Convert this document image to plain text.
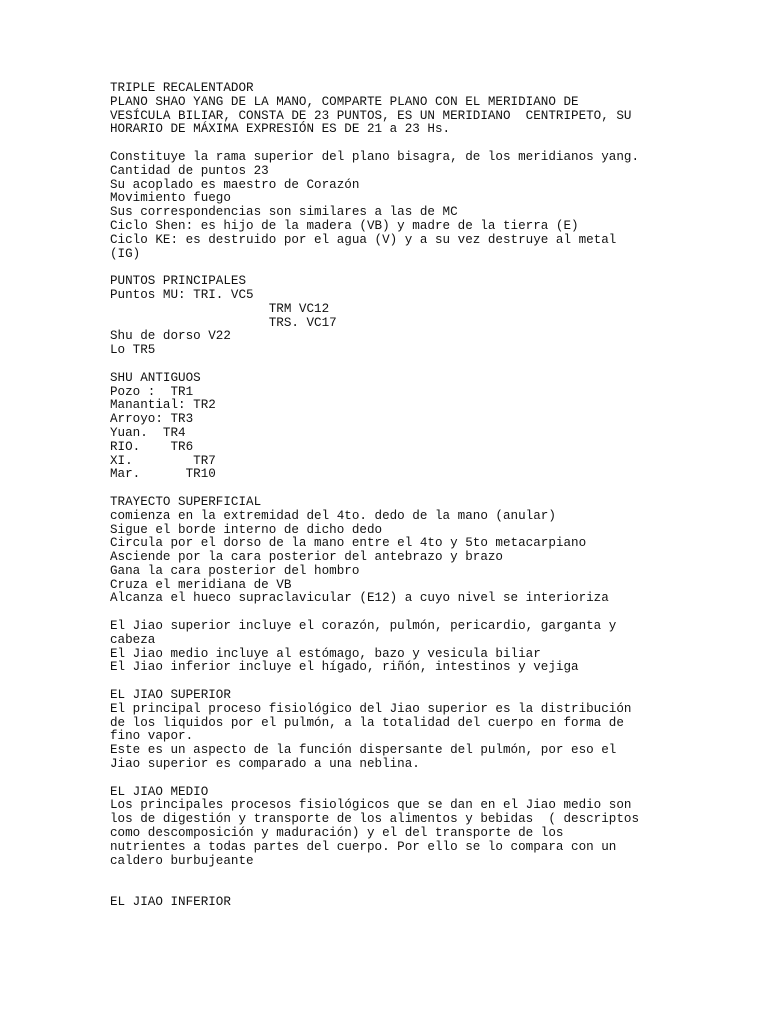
TRIPLE RECALENTADOR
PLANO SHAO YANG DE LA MANO, COMPARTE PLANO CON EL MERIDIANO DE
VESÍCULA BILIAR, CONSTA DE 23 PUNTOS, ES UN MERIDIANO  CENTRIPETO, SU
HORARIO DE MÁXIMA EXPRESIÓN ES DE 21 a 23 Hs.
Constituye la rama superior del plano bisagra, de los meridianos yang.
Cantidad de puntos 23
Su acoplado es maestro de Corazón
Movimiento fuego
Sus correspondencias son similares a las de MC
Ciclo Shen: es hijo de la madera (VB) y madre de la tierra (E)
Ciclo KE: es destruido por el agua (V) y a su vez destruye al metal
(IG)
PUNTOS PRINCIPALES
Puntos MU: TRI. VC5
TRM VC12
TRS. VC17
Shu de dorso V22
Lo TR5
SHU ANTIGUOS
Pozo :  TR1
Manantial: TR2
Arroyo: TR3
Yuan.  TR4
RIO.    TR6
XI.        TR7
Mar.      TR10
TRAYECTO SUPERFICIAL
comienza en la extremidad del 4to. dedo de la mano (anular)
Sigue el borde interno de dicho dedo
Circula por el dorso de la mano entre el 4to y 5to metacarpiano
Asciende por la cara posterior del antebrazo y brazo
Gana la cara posterior del hombro
Cruza el meridiana de VB
Alcanza el hueco supraclavicular (E12) a cuyo nivel se interioriza
El Jiao superior incluye el corazón, pulmón, pericardio, garganta y
cabeza
El Jiao medio incluye al estómago, bazo y vesicula biliar
El Jiao inferior incluye el hígado, riñón, intestinos y vejiga
EL JIAO SUPERIOR
El principal proceso fisiológico del Jiao superior es la distribución
de los liquidos por el pulmón, a la totalidad del cuerpo en forma de
fino vapor.
Este es un aspecto de la función dispersante del pulmón, por eso el
Jiao superior es comparado a una neblina.
EL JIAO MEDIO
Los principales procesos fisiológicos que se dan en el Jiao medio son
los de digestión y transporte de los alimentos y bebidas  ( descriptos
como descomposición y maduración) y el del transporte de los
nutrientes a todas partes del cuerpo. Por ello se lo compara con un
caldero burbujeante
EL JIAO INFERIOR
